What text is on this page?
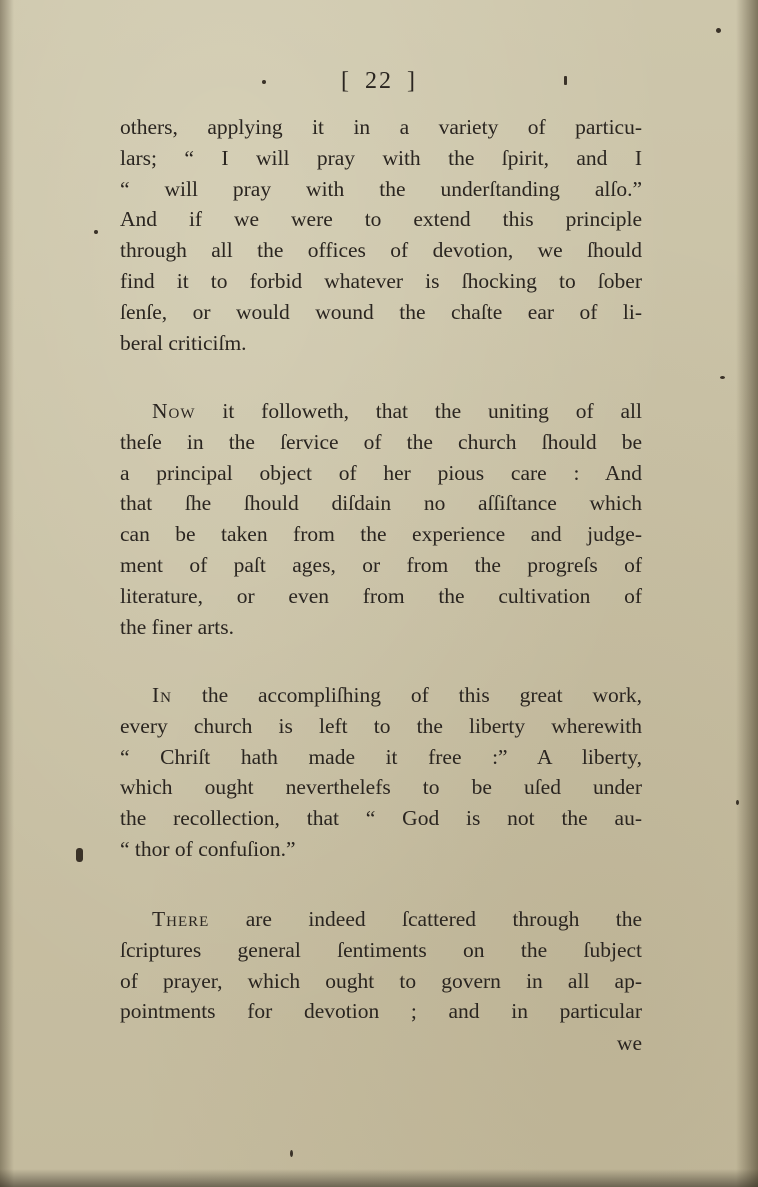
[ 22 ]
others, applying it in a variety of particu-
lars; “ I will pray with the ſpirit, and I
“ will pray with the underſtanding alſo.”
And if we were to extend this principle
through all the offices of devotion, we ſhould
find it to forbid whatever is ſhocking to ſober
ſenſe, or would wound the chaſte ear of li-
beral criticiſm.
Now it followeth, that the uniting of all
theſe in the ſervice of the church ſhould be
a principal object of her pious care : And
that ſhe ſhould diſdain no aſſiſtance which
can be taken from the experience and judge-
ment of paſt ages, or from the progreſs of
literature, or even from the cultivation of
the finer arts.
In the accompliſhing of this great work,
every church is left to the liberty wherewith
“ Chriſt hath made it free :” A liberty,
which ought neverthelefs to be uſed under
the recollection, that “ God is not the au-
“ thor of confuſion.”
There are indeed ſcattered through the
ſcriptures general ſentiments on the ſubject
of prayer, which ought to govern in all ap-
pointments for devotion ; and in particular
we
